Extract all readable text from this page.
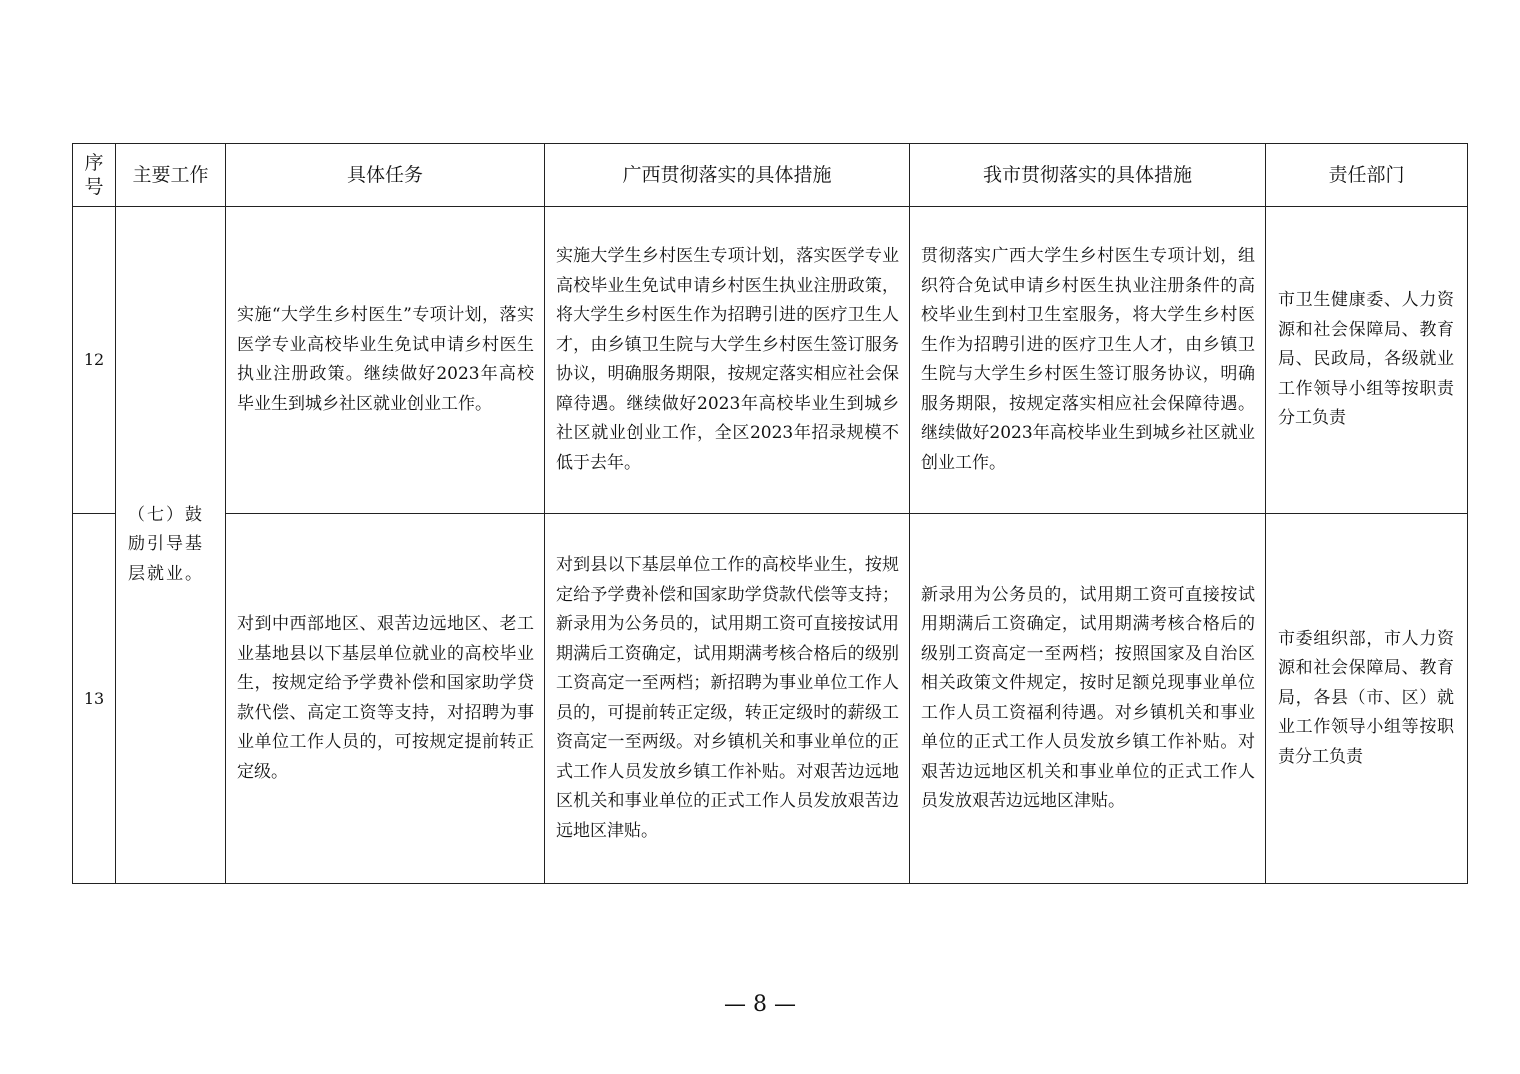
序号	主要工作	具体任务	广西贯彻落实的具体措施	我市贯彻落实的具体措施	责任部门
12	（七）鼓励引导基层就业。	实施“大学生乡村医生”专项计划，落实医学专业高校毕业生免试申请乡村医生执业注册政策。继续做好2023年高校毕业生到城乡社区就业创业工作。	实施大学生乡村医生专项计划，落实医学专业高校毕业生免试申请乡村医生执业注册政策，将大学生乡村医生作为招聘引进的医疗卫生人才，由乡镇卫生院与大学生乡村医生签订服务协议，明确服务期限，按规定落实相应社会保障待遇。继续做好2023年高校毕业生到城乡社区就业创业工作，全区2023年招录规模不低于去年。	贯彻落实广西大学生乡村医生专项计划，组织符合免试申请乡村医生执业注册条件的高校毕业生到村卫生室服务，将大学生乡村医生作为招聘引进的医疗卫生人才，由乡镇卫生院与大学生乡村医生签订服务协议，明确服务期限，按规定落实相应社会保障待遇。继续做好2023年高校毕业生到城乡社区就业创业工作。	市卫生健康委、人力资源和社会保障局、教育局、民政局，各级就业工作领导小组等按职责分工负责
13		对到中西部地区、艰苦边远地区、老工业基地县以下基层单位就业的高校毕业生，按规定给予学费补偿和国家助学贷款代偿、高定工资等支持，对招聘为事业单位工作人员的，可按规定提前转正定级。	对到县以下基层单位工作的高校毕业生，按规定给予学费补偿和国家助学贷款代偿等支持；新录用为公务员的，试用期工资可直接按试用期满后工资确定，试用期满考核合格后的级别工资高定一至两档；新招聘为事业单位工作人员的，可提前转正定级，转正定级时的薪级工资高定一至两级。对乡镇机关和事业单位的正式工作人员发放乡镇工作补贴。对艰苦边远地区机关和事业单位的正式工作人员发放艰苦边远地区津贴。	新录用为公务员的，试用期工资可直接按试用期满后工资确定，试用期满考核合格后的级别工资高定一至两档；按照国家及自治区相关政策文件规定，按时足额兑现事业单位工作人员工资福利待遇。对乡镇机关和事业单位的正式工作人员发放乡镇工作补贴。对艰苦边远地区机关和事业单位的正式工作人员发放艰苦边远地区津贴。	市委组织部，市人力资源和社会保障局、教育局，各县（市、区）就业工作领导小组等按职责分工负责
— 8 —
